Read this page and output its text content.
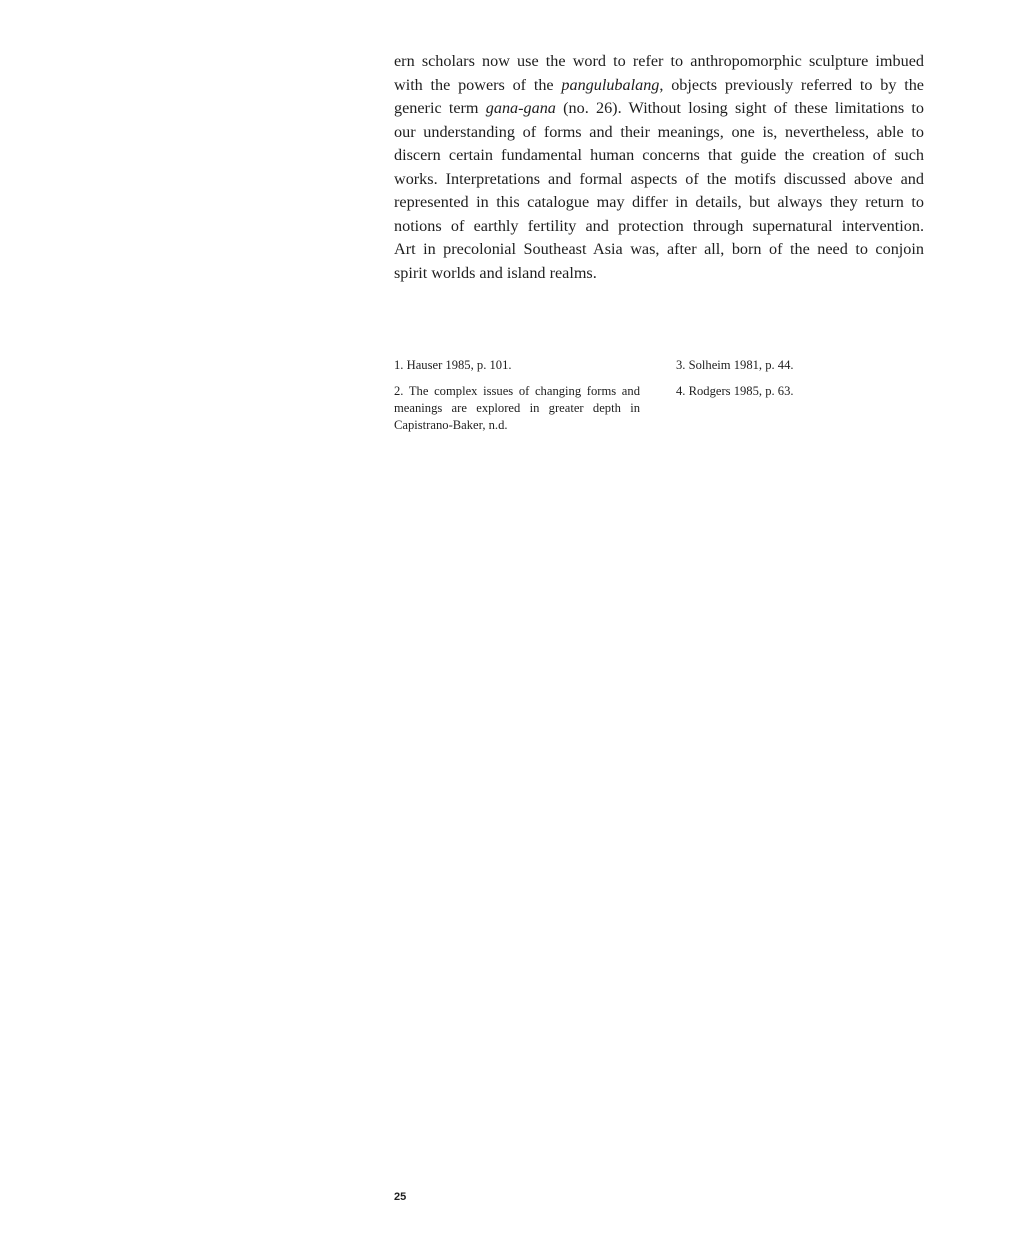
ern scholars now use the word to refer to anthropomorphic sculpture imbued
with the powers of the pangulubalang, objects previously referred to by the
generic term gana-gana (no. 26). Without losing sight of these limitations to
our understanding of forms and their meanings, one is, nevertheless, able to
discern certain fundamental human concerns that guide the creation of such
works. Interpretations and formal aspects of the motifs discussed above and
represented in this catalogue may differ in details, but always they return to
notions of earthly fertility and protection through supernatural intervention.
Art in precolonial Southeast Asia was, after all, born of the need to conjoin
spirit worlds and island realms.
1. Hauser 1985, p. 101.
2. The complex issues of changing forms and
meanings are explored in greater depth in
Capistrano-Baker, n.d.
3. Solheim 1981, p. 44.
4. Rodgers 1985, p. 63.
25
